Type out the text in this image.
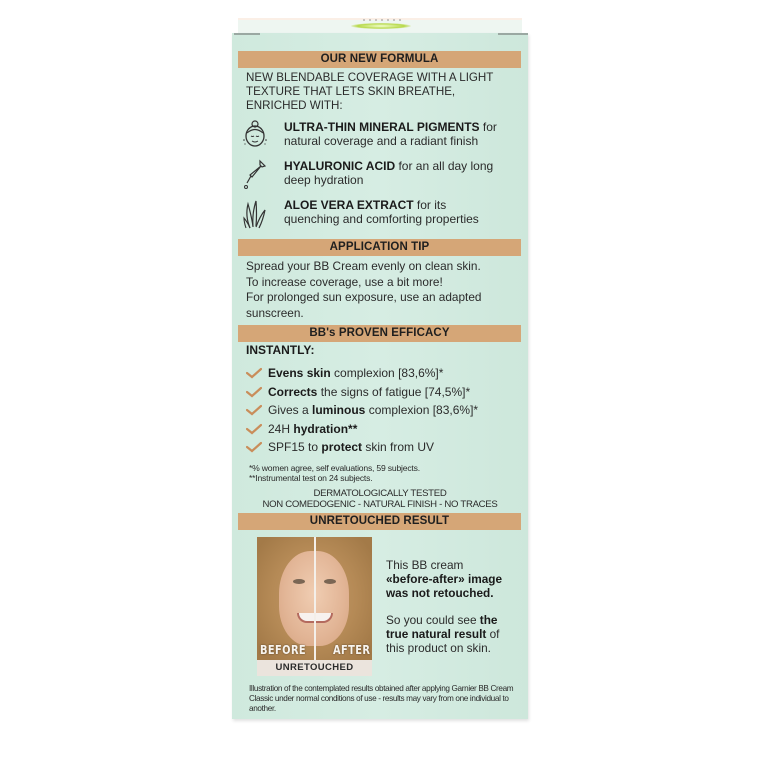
OUR NEW FORMULA
NEW BLENDABLE COVERAGE WITH A LIGHT
TEXTURE THAT LETS SKIN BREATHE,
ENRICHED WITH:
ULTRA-THIN MINERAL PIGMENTS for
natural coverage and a radiant finish
HYALURONIC ACID for an all day long
deep hydration
ALOE VERA EXTRACT for its
quenching and comforting properties
APPLICATION TIP
Spread your BB Cream evenly on clean skin.
To increase coverage, use a bit more!
For prolonged sun exposure, use an adapted
sunscreen.
BB's PROVEN EFFICACY
INSTANTLY:
Evens skin complexion [83,6%]*
Corrects the signs of fatigue [74,5%]*
Gives a luminous complexion [83,6%]*
24H hydration**
SPF15 to protect skin from UV
*% women agree, self evaluations, 59 subjects.
**Instrumental test on 24 subjects.
DERMATOLOGICALLY TESTED
NON COMEDOGENIC - NATURAL FINISH - NO TRACES
UNRETOUCHED RESULT
BEFORE AFTER
UNRETOUCHED
This BB cream
«before-after» image
was not retouched.
So you could see the
true natural result of
this product on skin.
Illustration of the contemplated results obtained after applying Garnier BB Cream Classic under normal conditions of use - results may vary from one individual to another.
